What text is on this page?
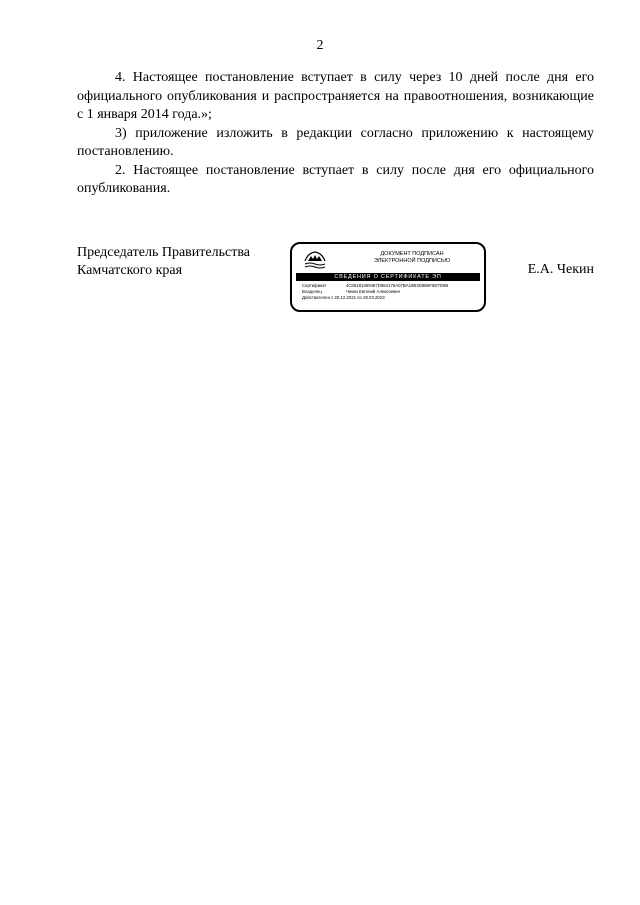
2

4. Настоящее постановление вступает в силу через 10 дней после дня его официального опубликования и распространяется на правоотношения, возникающие с 1 января 2014 года.»;

3) приложение изложить в редакции согласно приложению к настоящему постановлению.

2. Настоящее постановление вступает в силу после дня его официального опубликования.

Председатель Правительства
Камчатского края
ДОКУМЕНТ ПОДПИСАН
ЭЛЕКТРОННОЙ ПОДПИСЬЮ
СВЕДЕНИЯ О СЕРТИФИКАТЕ ЭП
Сертификат	4C06181069487D864176A07BA19B3D9B6F9D7D9B
Владелец	Чекин Евгений Алексеевич
Действителен с 20.12.2021 по 29.03.2023
Е.А. Чекин
